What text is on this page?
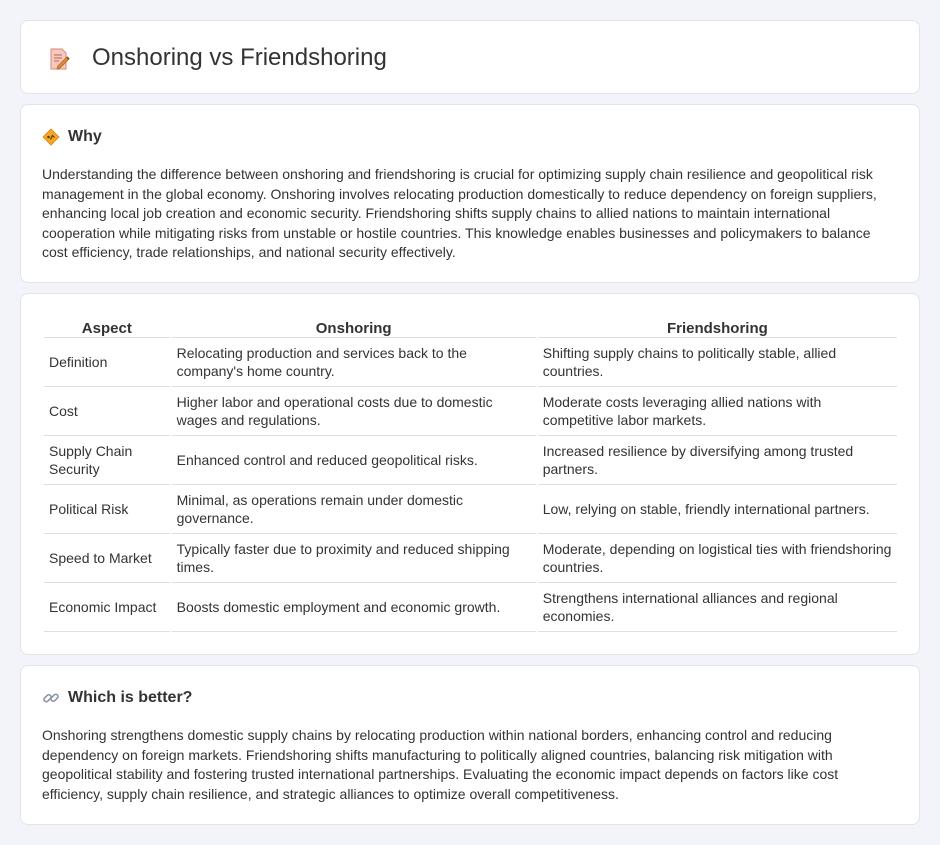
Onshoring vs Friendshoring
Why

Understanding the difference between onshoring and friendshoring is crucial for optimizing supply chain resilience and geopolitical risk management in the global economy. Onshoring involves relocating production domestically to reduce dependency on foreign suppliers, enhancing local job creation and economic security. Friendshoring shifts supply chains to allied nations to maintain international cooperation while mitigating risks from unstable or hostile countries. This knowledge enables businesses and policymakers to balance cost efficiency, trade relationships, and national security effectively.

Aspect	Onshoring	Friendshoring
Definition	Relocating production and services back to the company's home country.	Shifting supply chains to politically stable, allied countries.
Cost	Higher labor and operational costs due to domestic wages and regulations.	Moderate costs leveraging allied nations with competitive labor markets.
Supply Chain Security	Enhanced control and reduced geopolitical risks.	Increased resilience by diversifying among trusted partners.
Political Risk	Minimal, as operations remain under domestic governance.	Low, relying on stable, friendly international partners.
Speed to Market	Typically faster due to proximity and reduced shipping times.	Moderate, depending on logistical ties with friendshoring countries.
Economic Impact	Boosts domestic employment and economic growth.	Strengthens international alliances and regional economies.
Which is better?

Onshoring strengthens domestic supply chains by relocating production within national borders, enhancing control and reducing dependency on foreign markets. Friendshoring shifts manufacturing to politically aligned countries, balancing risk mitigation with geopolitical stability and fostering trusted international partnerships. Evaluating the economic impact depends on factors like cost efficiency, supply chain resilience, and strategic alliances to optimize overall competitiveness.
